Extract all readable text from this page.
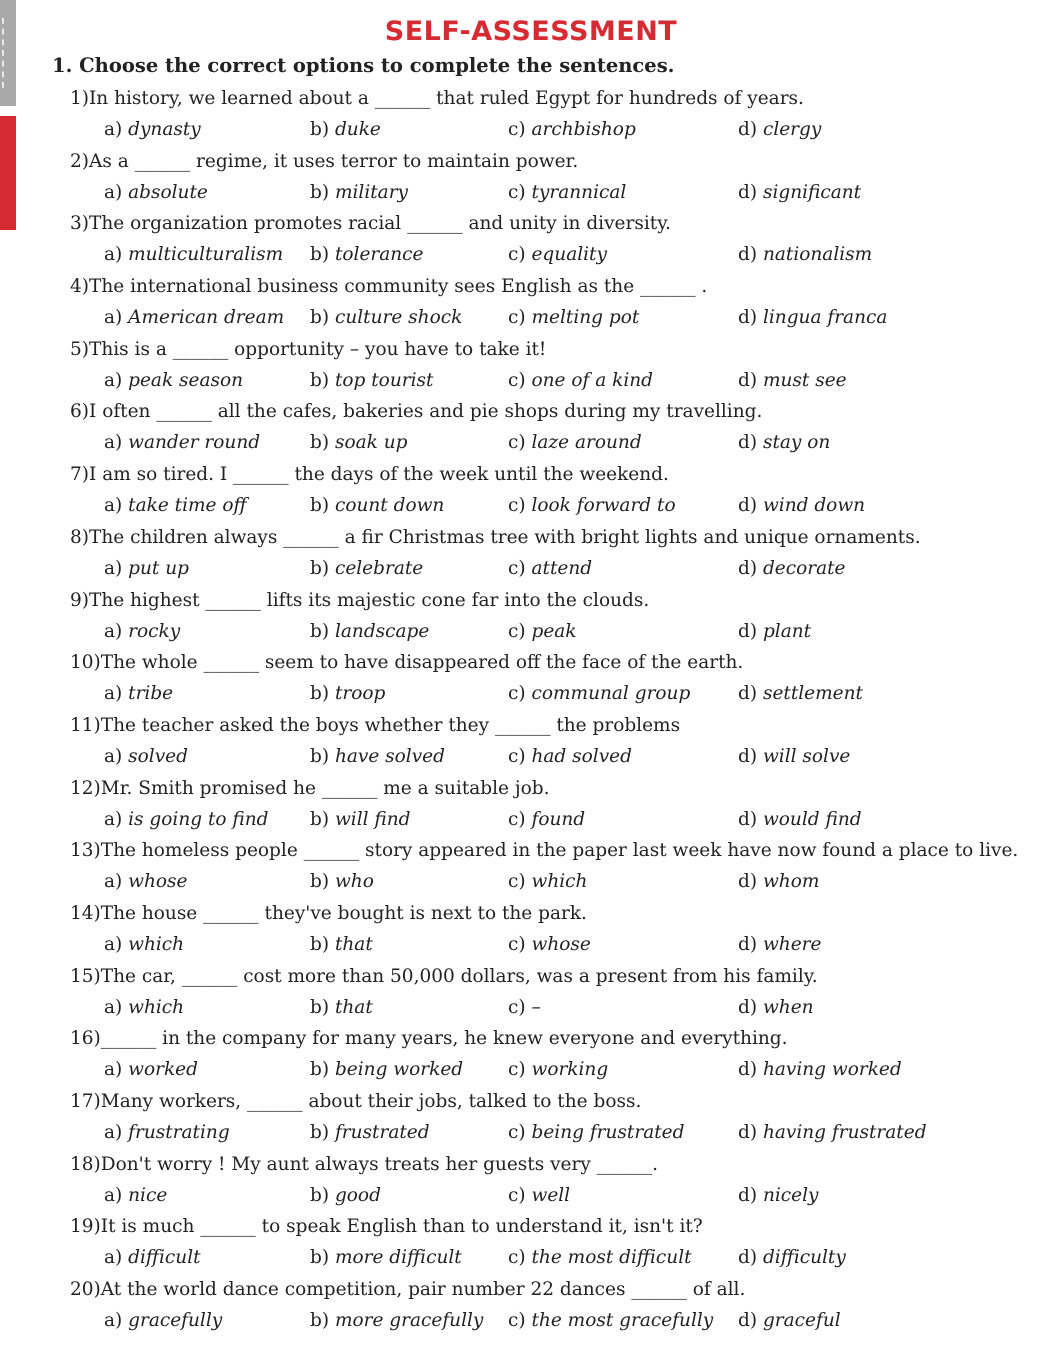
SELF-ASSESSMENT
1. Choose the correct options to complete the sentences.
1)In history, we learned about a ______ that ruled Egypt for hundreds of years.
a) dynasty	b) duke	c) archbishop	d) clergy
2)As a ______ regime, it uses terror to maintain power.
a) absolute	b) military	c) tyrannical	d) significant
3)The organization promotes racial ______ and unity in diversity.
a) multiculturalism b) tolerance	c) equality	d) nationalism
4)The international business community sees English as the ______ .
a) American dream b) culture shock c) melting pot	d) lingua franca
5)This is a ______ opportunity – you have to take it!
a) peak season	b) top tourist	c) one of a kind	d) must see
6)I often ______ all the cafes, bakeries and pie shops during my travelling.
a) wander round	b) soak up	c) laze around	d) stay on
7)I am so tired. I ______ the days of the week until the weekend.
a) take time off	b) count down	c) look forward to	d) wind down
8)The children always ______ a fir Christmas tree with bright lights and unique ornaments.
a) put up	b) celebrate	c) attend	d) decorate
9)The highest ______ lifts its majestic cone far into the clouds.
a) rocky	b) landscape	c) peak	d) plant
10)The whole ______ seem to have disappeared off the face of the earth.
a) tribe	b) troop	c) communal group	d) settlement
11)The teacher asked the boys whether they ______ the problems
a) solved	b) have solved	c) had solved	d) will solve
12)Mr. Smith promised he ______ me a suitable job.
a) is going to find b) will find	c) found	d) would find
13)The homeless people ______ story appeared in the paper last week have now found a place to live.
a) whose	b) who	c) which	d) whom
14)The house ______ they've bought is next to the park.
a) which	b) that	c) whose	d) where
15)The car, ______ cost more than 50,000 dollars, was a present from his family.
a) which	b) that	c) –	d) when
16)______ in the company for many years, he knew everyone and everything.
a) worked	b) being worked c) working	d) having worked
17)Many workers, ______ about their jobs, talked to the boss.
a) frustrating	b) frustrated	c) being frustrated	d) having frustrated
18)Don't worry ! My aunt always treats her guests very ______.
a) nice	b) good	c) well	d) nicely
19)It is much ______ to speak English than to understand it, isn't it?
a) difficult	b) more difficult	c) the most difficult	d) difficulty
20)At the world dance competition, pair number 22 dances ______ of all.
a) gracefully	b) more gracefully c) the most gracefully d) graceful
